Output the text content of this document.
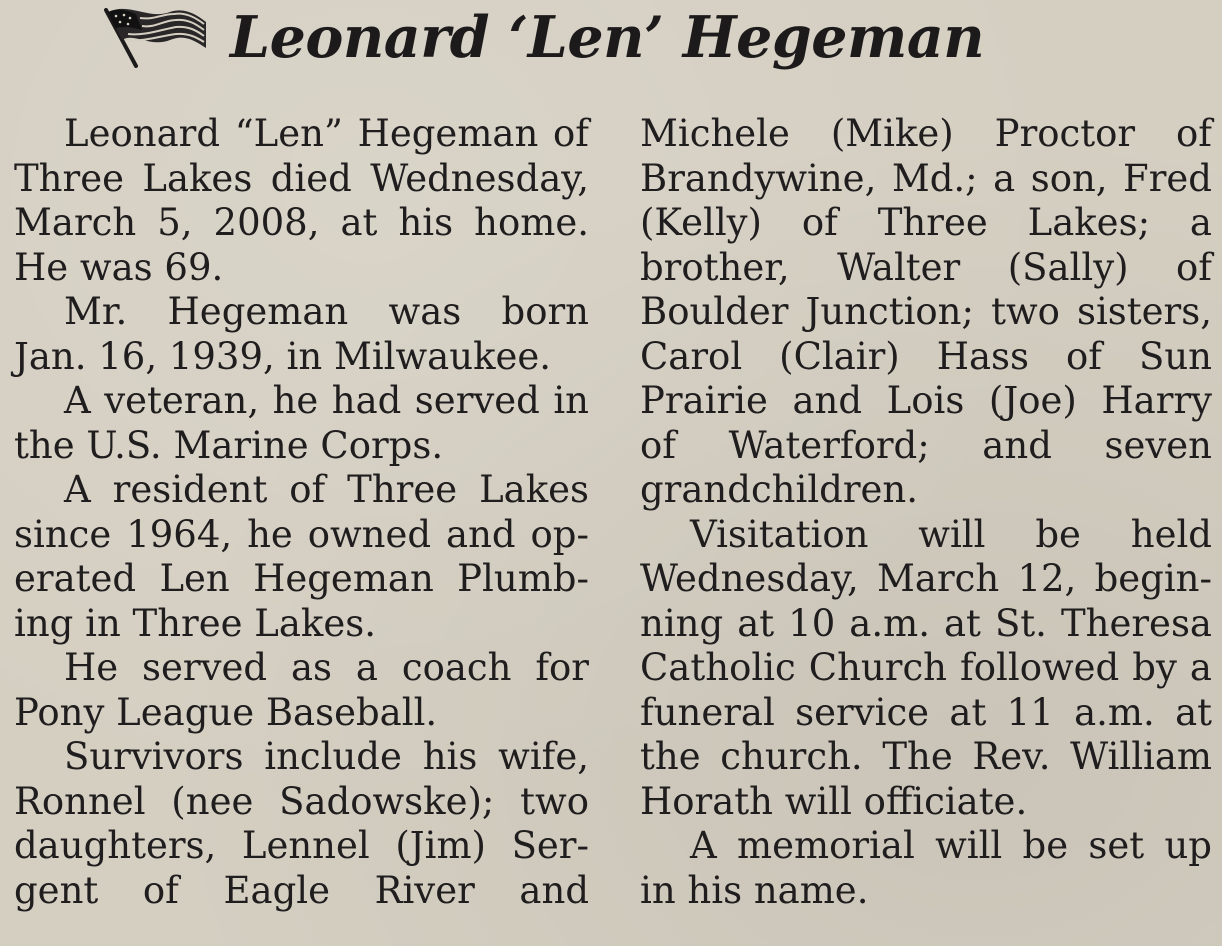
Leonard ‘Len’ Hegeman
Leonard “Len” Hegeman of
Three Lakes died Wednesday,
March 5, 2008, at his home.
He was 69.
Mr. Hegeman was born
Jan. 16, 1939, in Milwaukee.
A veteran, he had served in
the U.S. Marine Corps.
A resident of Three Lakes
since 1964, he owned and op-
erated Len Hegeman Plumb-
ing in Three Lakes.
He served as a coach for
Pony League Baseball.
Survivors include his wife,
Ronnel (nee Sadowske); two
daughters, Lennel (Jim) Ser-
gent of Eagle River and
Michele (Mike) Proctor of
Brandywine, Md.; a son, Fred
(Kelly) of Three Lakes; a
brother, Walter (Sally) of
Boulder Junction; two sisters,
Carol (Clair) Hass of Sun
Prairie and Lois (Joe) Harry
of Waterford; and seven
grandchildren.
Visitation will be held
Wednesday, March 12, begin-
ning at 10 a.m. at St. Theresa
Catholic Church followed by a
funeral service at 11 a.m. at
the church. The Rev. William
Horath will officiate.
A memorial will be set up
in his name.
